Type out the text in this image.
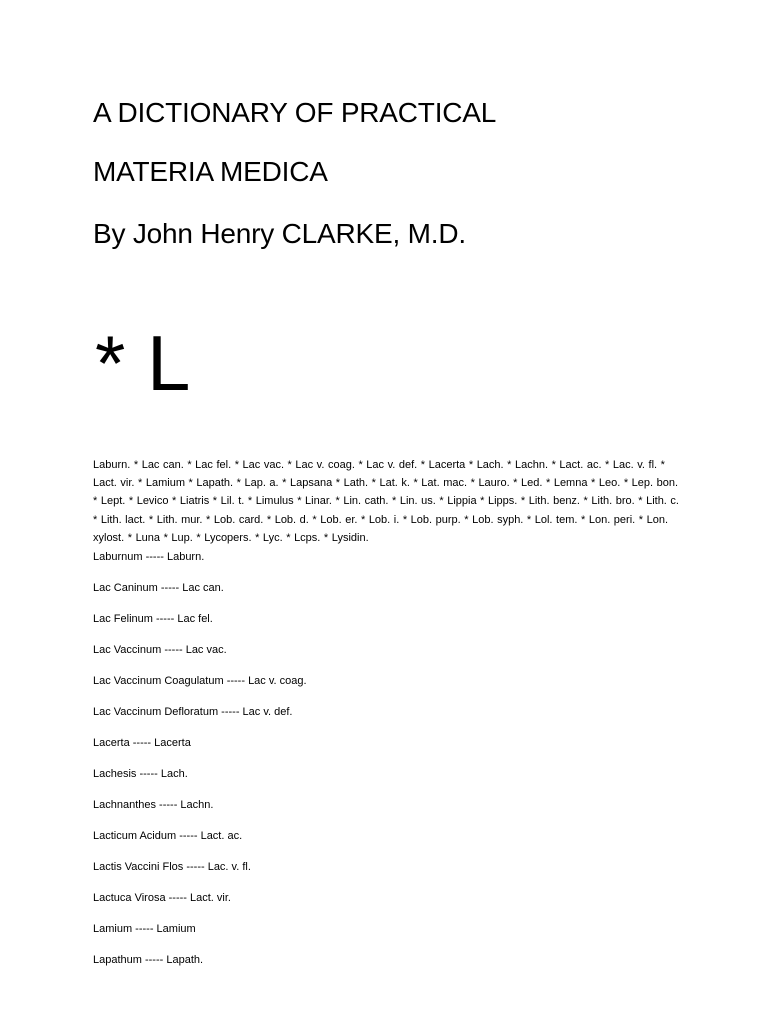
A DICTIONARY OF PRACTICAL
MATERIA MEDICA
By John Henry CLARKE, M.D.
* L

Laburn. * Lac can. * Lac fel. * Lac vac. * Lac v. coag. * Lac v. def. * Lacerta * Lach. * Lachn. * Lact. ac. * Lac. v. fl. * Lact. vir. * Lamium * Lapath. * Lap. a. * Lapsana * Lath. * Lat. k. * Lat. mac. * Lauro. * Led. * Lemna * Leo. * Lep. bon. * Lept. * Levico * Liatris * Lil. t. * Limulus * Linar. * Lin. cath. * Lin. us. * Lippia * Lipps. * Lith. benz. * Lith. bro. * Lith. c. * Lith. lact. * Lith. mur. * Lob. card. * Lob. d. * Lob. er. * Lob. i. * Lob. purp. * Lob. syph. * Lol. tem. * Lon. peri. * Lon. xylost. * Luna * Lup. * Lycopers. * Lyc. * Lcps. * Lysidin.

Laburnum ----- Laburn.
Lac Caninum ----- Lac can.
Lac Felinum ----- Lac fel.
Lac Vaccinum ----- Lac vac.
Lac Vaccinum Coagulatum ----- Lac v. coag.
Lac Vaccinum Defloratum ----- Lac v. def.
Lacerta ----- Lacerta
Lachesis ----- Lach.
Lachnanthes ----- Lachn.
Lacticum Acidum ----- Lact. ac.
Lactis Vaccini Flos ----- Lac. v. fl.
Lactuca Virosa ----- Lact. vir.
Lamium ----- Lamium
Lapathum ----- Lapath.
